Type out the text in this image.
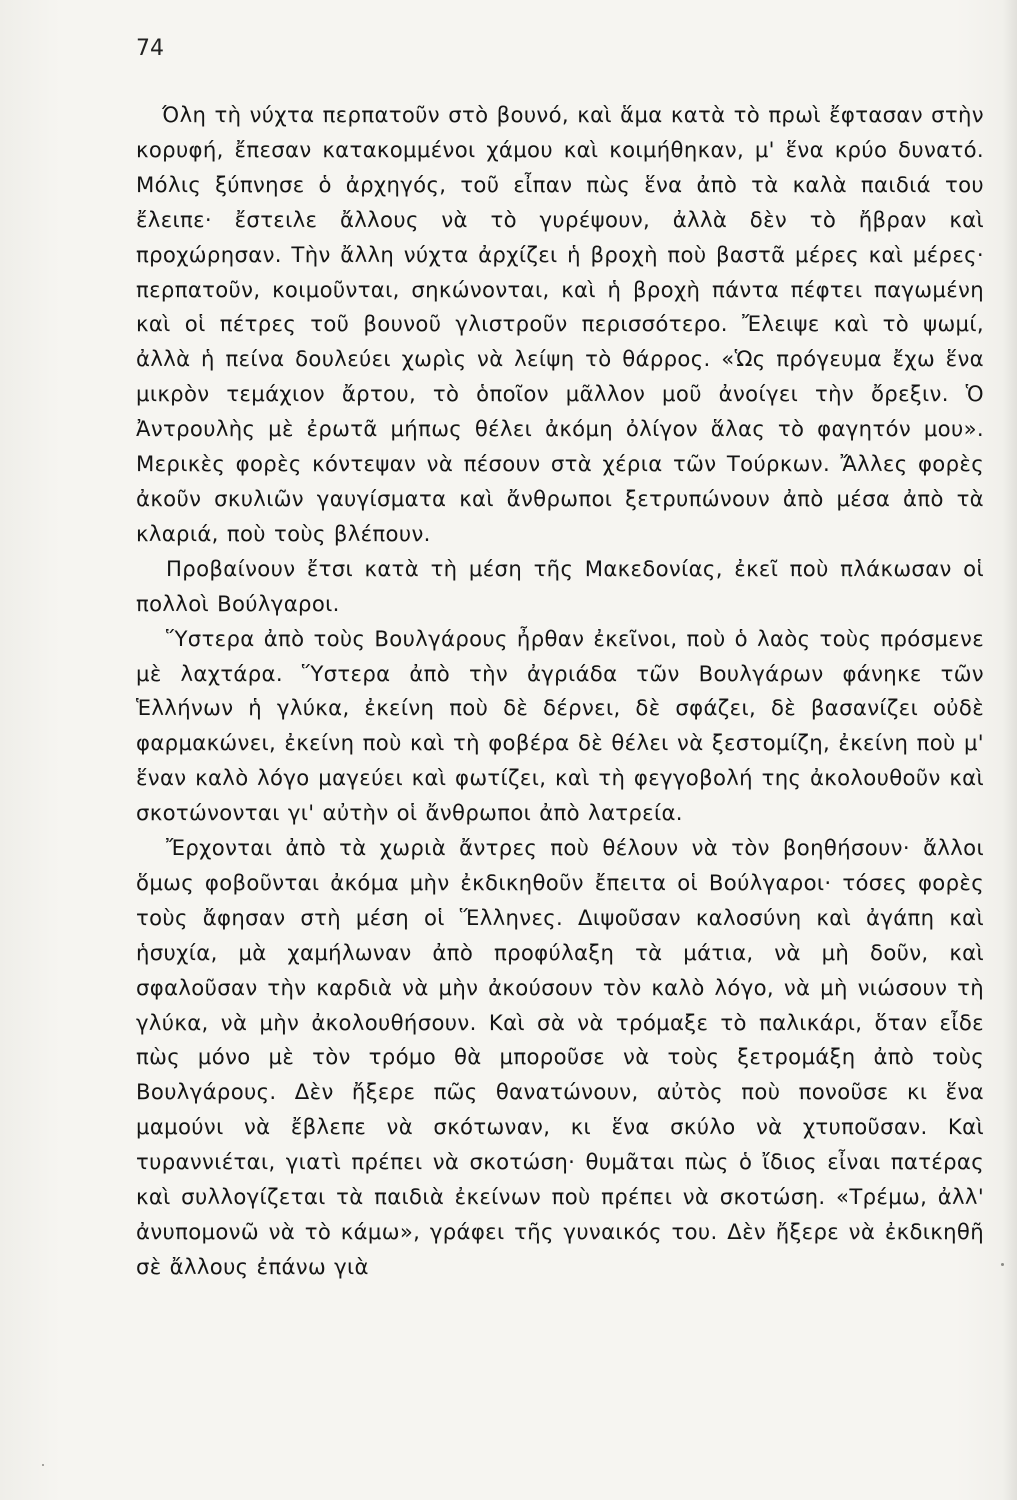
74

Όλη τὴ νύχτα περπατοῦν στὸ βουνό, καὶ ἅμα κατὰ τὸ πρωὶ ἔφτασαν στὴν κορυφή, ἔπεσαν κατακομμένοι χάμου καὶ κοιμήθηκαν, μ' ἕνα κρύο δυνατό. Μόλις ξύπνησε ὁ ἀρχηγός, τοῦ εἶπαν πὼς ἕνα ἀπὸ τὰ καλὰ παιδιά του ἔλειπε· ἔστειλε ἄλλους νὰ τὸ γυρέψουν, ἀλλὰ δὲν τὸ ἤβραν καὶ προχώρησαν. Τὴν ἄλλη νύχτα ἀρχίζει ἡ βροχὴ ποὺ βαστᾶ μέρες καὶ μέρες· περπατοῦν, κοιμοῦνται, σηκώνονται, καὶ ἡ βροχὴ πάντα πέφτει παγωμένη καὶ οἱ πέτρες τοῦ βουνοῦ γλιστροῦν περισσότερο. Ἔλειψε καὶ τὸ ψωμί, ἀλλὰ ἡ πείνα δουλεύει χωρὶς νὰ λείψη τὸ θάρρος. «Ὡς πρόγευμα ἔχω ἕνα μικρὸν τεμάχιον ἄρτου, τὸ ὁποῖον μᾶλλον μοῦ ἀνοίγει τὴν ὄρεξιν. Ὁ Ἀντρουλὴς μὲ ἐρωτᾶ μήπως θέλει ἀκόμη ὀλίγον ἅλας τὸ φαγητόν μου». Μερικὲς φορὲς κόντεψαν νὰ πέσουν στὰ χέρια τῶν Τούρκων. Ἄλλες φορὲς ἀκοῦν σκυλιῶν γαυγίσματα καὶ ἄνθρωποι ξετρυπώνουν ἀπὸ μέσα ἀπὸ τὰ κλαριά, ποὺ τοὺς βλέπουν.

Προβαίνουν ἔτσι κατὰ τὴ μέση τῆς Μακεδονίας, ἐκεῖ ποὺ πλάκωσαν οἱ πολλοὶ Βούλγαροι.

Ὕστερα ἀπὸ τοὺς Βουλγάρους ἦρθαν ἐκεῖνοι, ποὺ ὁ λαὸς τοὺς πρόσμενε μὲ λαχτάρα. Ὕστερα ἀπὸ τὴν ἀγριάδα τῶν Βουλγάρων φάνηκε τῶν Ἑλλήνων ἡ γλύκα, ἐκείνη ποὺ δὲ δέρνει, δὲ σφάζει, δὲ βασανίζει οὐδὲ φαρμακώνει, ἐκείνη ποὺ καὶ τὴ φοβέρα δὲ θέλει νὰ ξεστομίζη, ἐκείνη ποὺ μ' ἕναν καλὸ λόγο μαγεύει καὶ φωτίζει, καὶ τὴ φεγγοβολή της ἀκολουθοῦν καὶ σκοτώνονται γι' αὐτὴν οἱ ἄνθρωποι ἀπὸ λατρεία.

Ἔρχονται ἀπὸ τὰ χωριὰ ἄντρες ποὺ θέλουν νὰ τὸν βοηθήσουν· ἄλλοι ὅμως φοβοῦνται ἀκόμα μὴν ἐκδικηθοῦν ἔπειτα οἱ Βούλγαροι· τόσες φορὲς τοὺς ἄφησαν στὴ μέση οἱ Ἕλληνες. Διψοῦσαν καλοσύνη καὶ ἀγάπη καὶ ἡσυχία, μὰ χαμήλωναν ἀπὸ προφύλαξη τὰ μάτια, νὰ μὴ δοῦν, καὶ σφαλοῦσαν τὴν καρδιὰ νὰ μὴν ἀκούσουν τὸν καλὸ λόγο, νὰ μὴ νιώσουν τὴ γλύκα, νὰ μὴν ἀκολουθήσουν. Καὶ σὰ νὰ τρόμαξε τὸ παλικάρι, ὅταν εἶδε πὼς μόνο μὲ τὸν τρόμο θὰ μποροῦσε νὰ τοὺς ξετρομάξη ἀπὸ τοὺς Βουλγάρους. Δὲν ἤξερε πῶς θανατώνουν, αὐτὸς ποὺ πονοῦσε κι ἕνα μαμούνι νὰ ἔβλεπε νὰ σκότωναν, κι ἕνα σκύλο νὰ χτυποῦσαν. Καὶ τυραννιέται, γιατὶ πρέπει νὰ σκοτώση· θυμᾶται πὼς ὁ ἴδιος εἶναι πατέρας καὶ συλλογίζεται τὰ παιδιὰ ἐκείνων ποὺ πρέπει νὰ σκοτώση. «Τρέμω, ἀλλ' ἀνυπομονῶ νὰ τὸ κάμω», γράφει τῆς γυναικός του. Δὲν ἤξερε νὰ ἐκδικηθῆ σὲ ἄλλους ἐπάνω γιὰ
